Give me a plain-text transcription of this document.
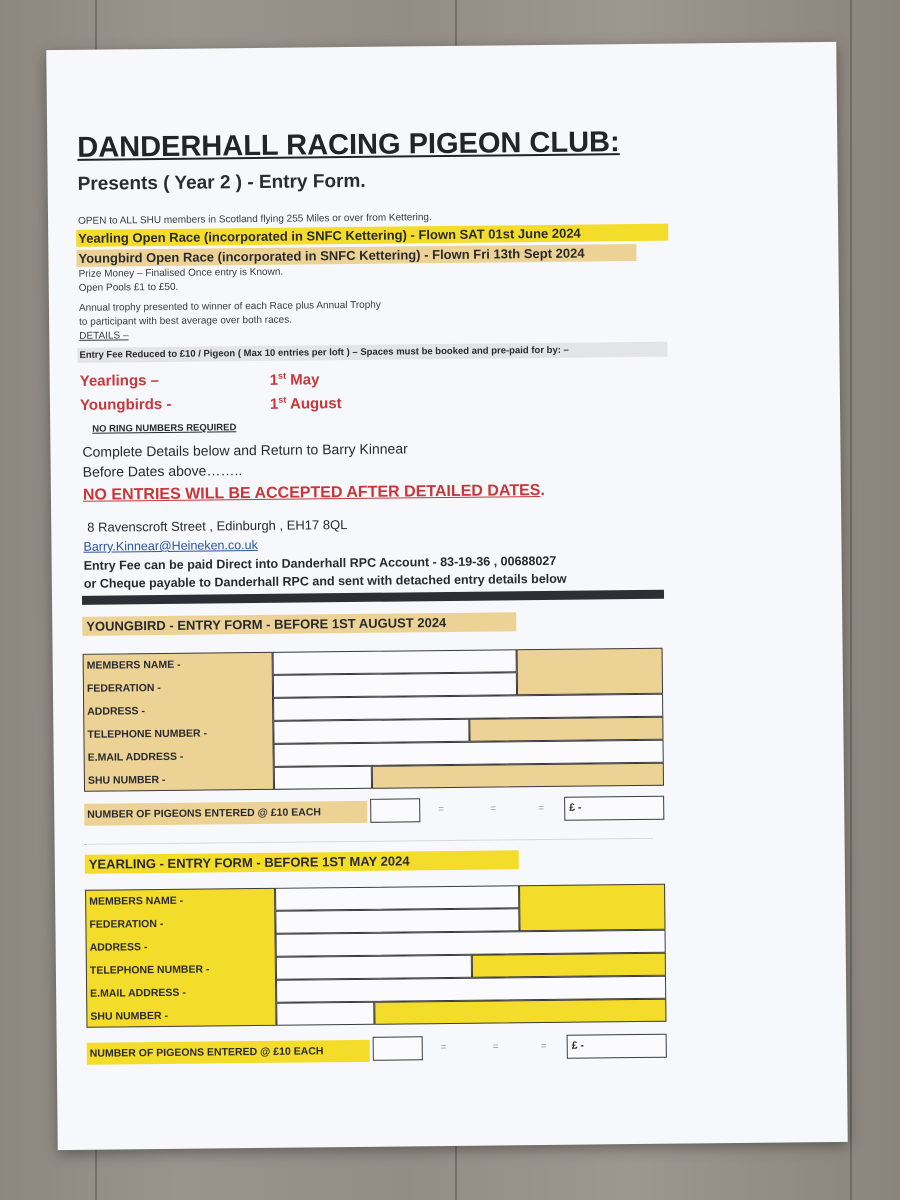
DANDERHALL RACING PIGEON CLUB:
Presents ( Year 2 ) - Entry Form.
OPEN to ALL SHU members in Scotland flying 255 Miles or over from Kettering.
Yearling Open Race (incorporated in SNFC Kettering) - Flown SAT 01st June 2024
Youngbird Open Race (incorporated in SNFC Kettering) - Flown Fri 13th Sept 2024
Prize Money – Finalised Once entry is Known.
Open Pools £1 to £50.
Annual trophy presented to winner of each Race plus Annual Trophy
to participant with best average over both races.
DETAILS –
Entry Fee Reduced to £10 / Pigeon ( Max 10 entries per loft ) – Spaces must be booked and pre-paid for by: –
Yearlings –	1st May
Youngbirds -	1st August
NO RING NUMBERS REQUIRED
Complete Details below and Return to Barry Kinnear
Before Dates above……..
NO ENTRIES WILL BE ACCEPTED AFTER DETAILED DATES.
8 Ravenscroft Street , Edinburgh , EH17 8QL
Barry.Kinnear@Heineken.co.uk
Entry Fee can be paid Direct into Danderhall RPC Account - 83-19-36 , 00688027
or Cheque payable to Danderhall RPC and sent with detached entry details below
YOUNGBIRD - ENTRY FORM - BEFORE 1ST AUGUST 2024
MEMBERS NAME -
FEDERATION -
ADDRESS -
TELEPHONE NUMBER -
E.MAIL ADDRESS -
SHU NUMBER -
NUMBER OF PIGEONS ENTERED @ £10 EACH	=	=	=	£ -
YEARLING - ENTRY FORM - BEFORE 1ST MAY 2024
MEMBERS NAME -
FEDERATION -
ADDRESS -
TELEPHONE NUMBER -
E.MAIL ADDRESS -
SHU NUMBER -
NUMBER OF PIGEONS ENTERED @ £10 EACH	=	=	=	£ -
